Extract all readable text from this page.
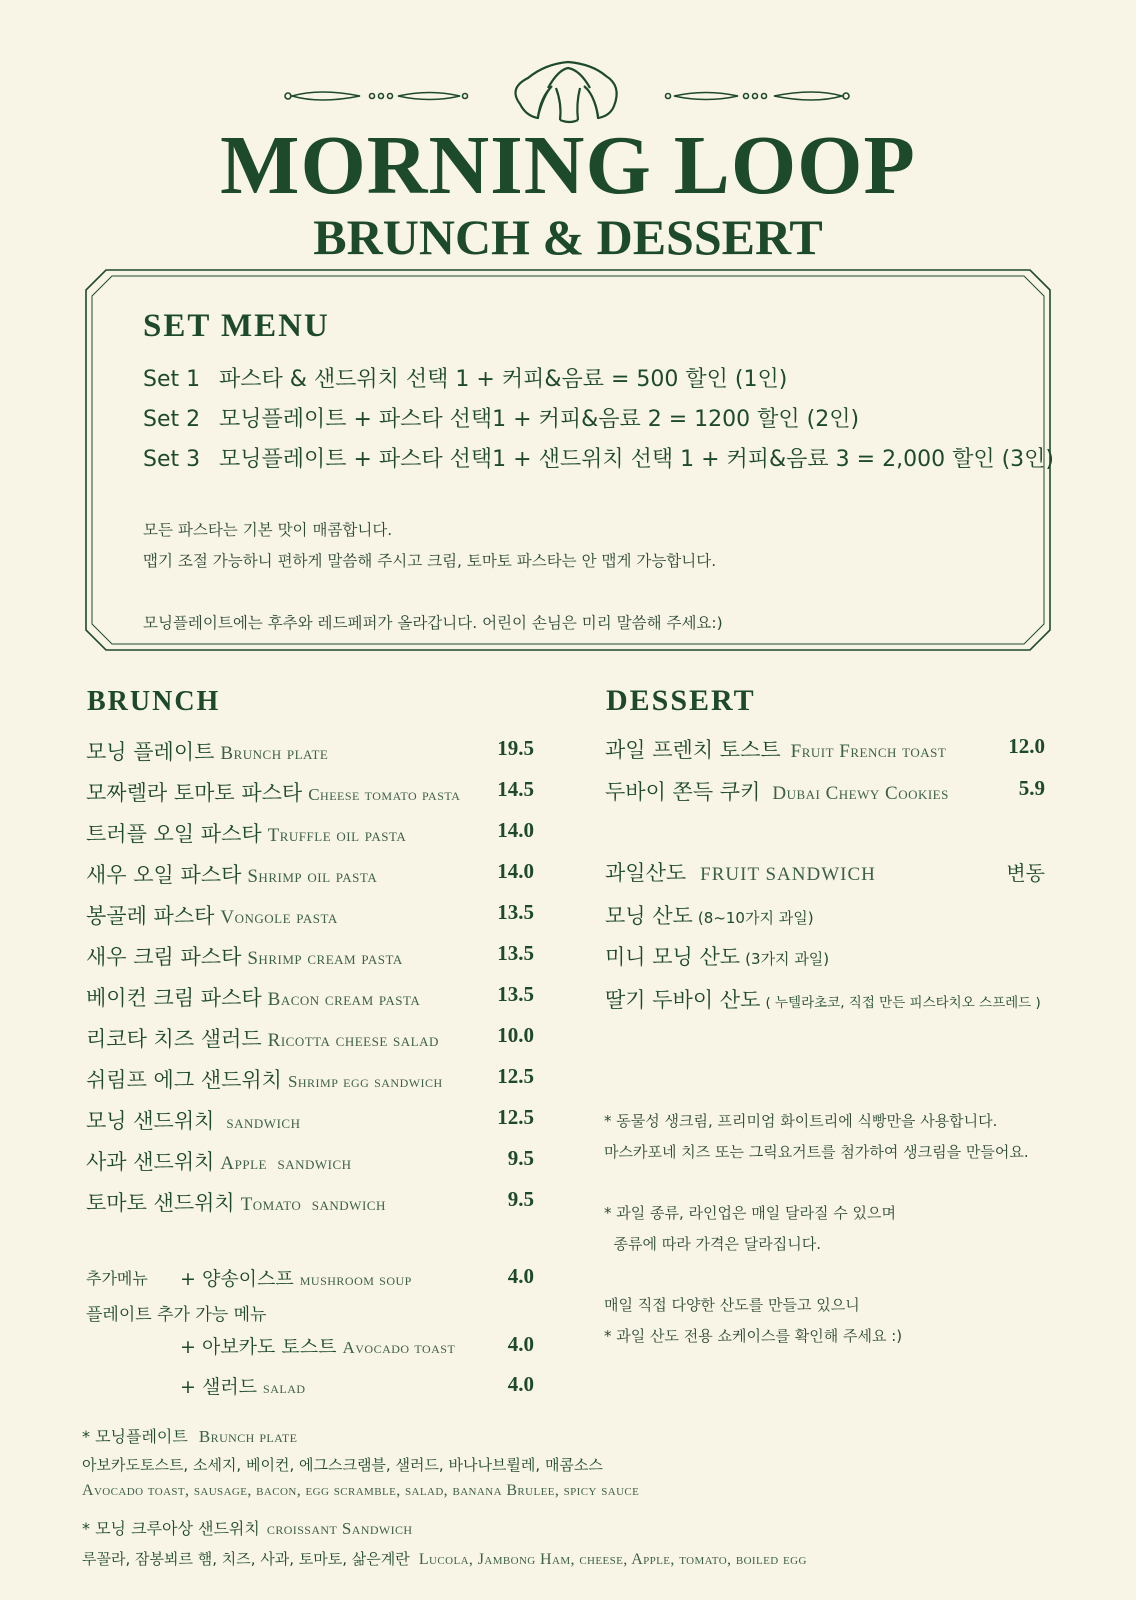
MORNING LOOP
BRUNCH & DESSERT
SET MENU
Set 1 파스타 & 샌드위치 선택 1 + 커피&음료 = 500 할인 (1인)
Set 2 모닝플레이트 + 파스타 선택1 + 커피&음료 2 = 1200 할인 (2인)
Set 3 모닝플레이트 + 파스타 선택1 + 샌드위치 선택 1 + 커피&음료 3 = 2,000 할인 (3인)
모든 파스타는 기본 맛이 매콤합니다.
맵기 조절 가능하니 편하게 말씀해 주시고 크림, 토마토 파스타는 안 맵게 가능합니다.
모닝플레이트에는 후추와 레드페퍼가 올라갑니다. 어린이 손님은 미리 말씀해 주세요:)
BRUNCH
모닝 플레이트 Brunch plate	19.5
모짜렐라 토마토 파스타 Cheese tomato pasta 14.5
트러플 오일 파스타 Truffle oil pasta	14.0
새우 오일 파스타 Shrimp oil pasta	14.0
봉골레 파스타 Vongole pasta	13.5
새우 크림 파스타 Shrimp cream pasta	13.5
베이컨 크림 파스타 Bacon cream pasta	13.5
리코타 치즈 샐러드 Ricotta cheese salad	10.0
쉬림프 에그 샌드위치 Shrimp egg sandwich	12.5
모닝 샌드위치 sandwich	12.5
사과 샌드위치 Apple  sandwich	9.5
토마토 샌드위치 Tomato  sandwich	9.5
추가메뉴 + 양송이스프 mushroom soup	4.0
플레이트 추가 가능 메뉴
+ 아보카도 토스트 Avocado toast 4.0
+ 샐러드 salad	4.0
DESSERT
과일 프렌치 토스트 Fruit French toast	12.0
두바이 쫀득 쿠키 Dubai Chewy Cookies	5.9
과일산도 FRUIT SANDWICH	변동
모닝 산도 (8~10가지 과일)
미니 모닝 산도 (3가지 과일)
딸기 두바이 산도 ( 누텔라초코, 직접 만든 피스타치오 스프레드 )
* 동물성 생크림, 프리미엄 화이트리에 식빵만을 사용합니다.
마스카포네 치즈 또는 그릭요거트를 첨가하여 생크림을 만들어요.
* 과일 종류, 라인업은 매일 달라질 수 있으며
종류에 따라 가격은 달라집니다.
매일 직접 다양한 산도를 만들고 있으니
* 과일 산도 전용 쇼케이스를 확인해 주세요 :)
* 모닝플레이트 Brunch plate
아보카도토스트, 소세지, 베이컨, 에그스크램블, 샐러드, 바나나브륄레, 매콤소스
Avocado toast, sausage, bacon, egg scramble, salad, banana Brulee, spicy sauce
* 모닝 크루아상 샌드위치 croissant Sandwich
루꼴라, 잠봉뵈르 햄, 치즈, 사과, 토마토, 삶은계란 Lucola, Jambong Ham, cheese, Apple, tomato, boiled egg
